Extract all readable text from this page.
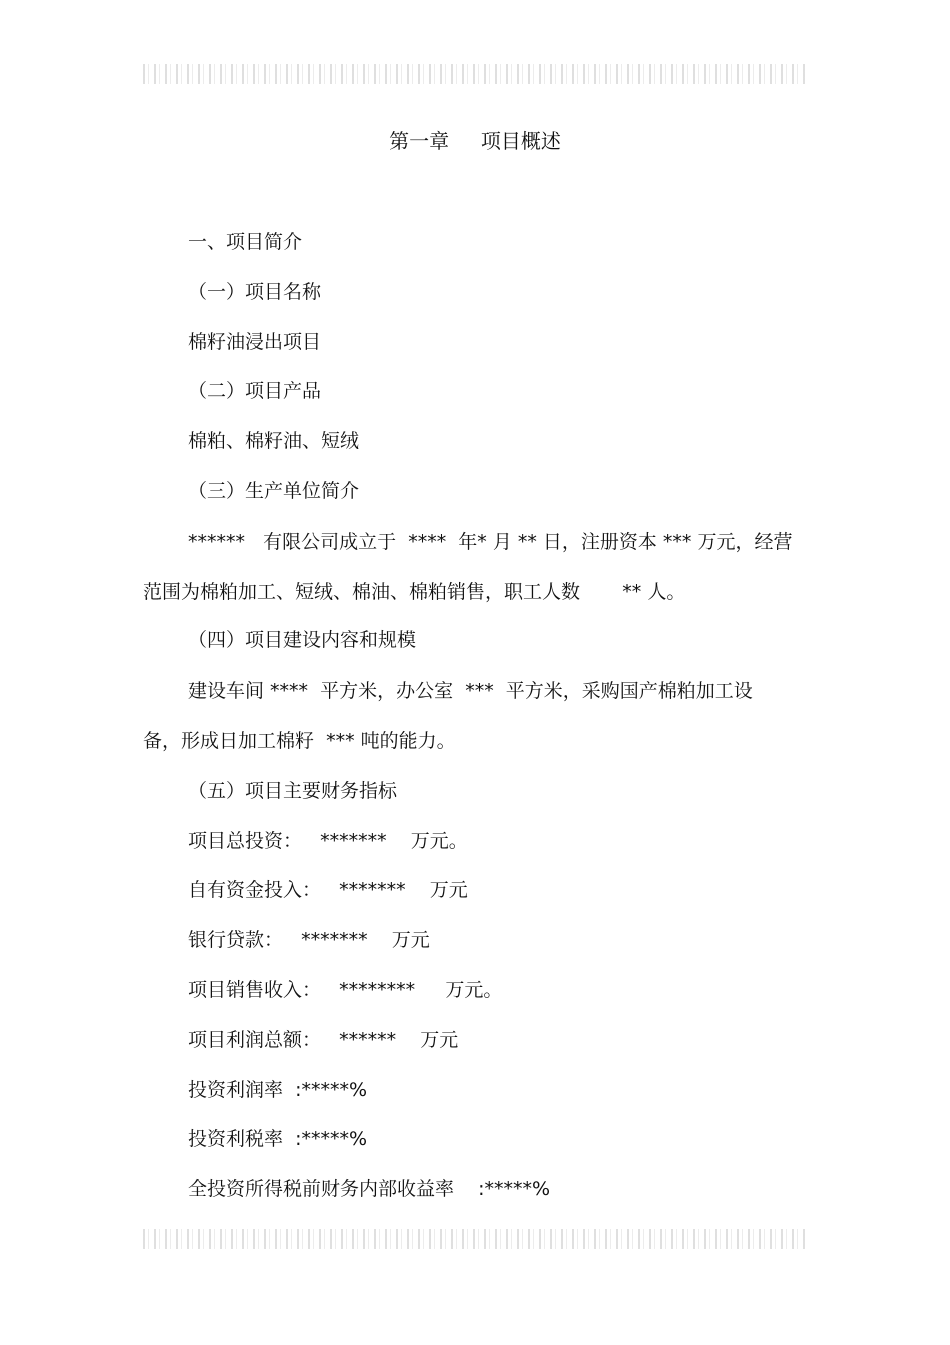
第一章     项目概述
一、项目简介
（一）项目名称
棉籽油浸出项目
（二）项目产品
棉粕、棉籽油、短绒
（三）生产单位简介
******   有限公司成立于  ****  年* 月 ** 日，注册资本 *** 万元，经营
范围为棉粕加工、短绒、棉油、棉粕销售，职工人数       ** 人。
（四）项目建设内容和规模
建设车间 ****  平方米，办公室  ***  平方米，采购国产棉粕加工设
备，形成日加工棉籽  *** 吨的能力。
（五）项目主要财务指标
项目总投资：   *******    万元。
自有资金投入：   *******    万元
银行贷款：   *******    万元
项目销售收入：   ********     万元。
项目利润总额：   ******    万元
投资利润率  :*****%
投资利税率  :*****%
全投资所得税前财务内部收益率    :*****%
